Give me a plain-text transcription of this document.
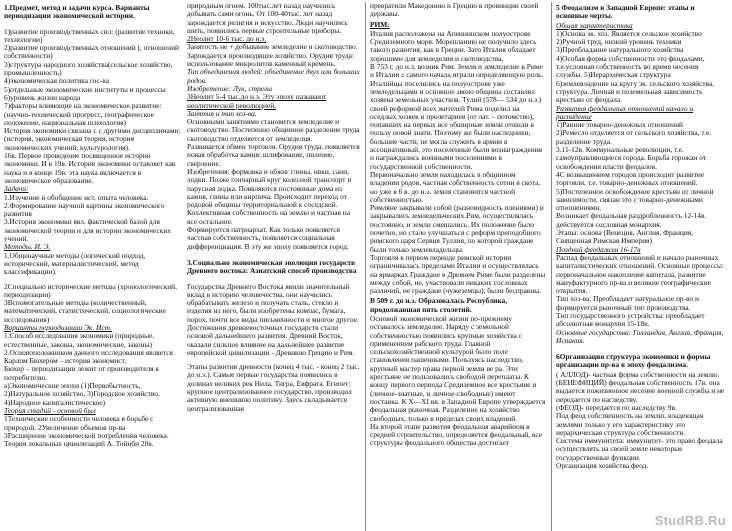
1.Предмет, метод и задачи курса. Варианты периодизации экономической истории.

1)развитие производственных сил: (развитие техники, технологии)

2)развитие производственных отношений (, отношений собственности)

3)структура народного хозяйства(сельское хозяйство, промышленность)

4)экономическая политика гос-ва

5)отдельные экономические институты и процессы

6)уровень жизни народа

7)факторы влияющие на экономическое развитие: (научно-технический прогресс, географическое положение, национальная психология)

История экономики связана с с другими дисциплинами: (история, экономическая теория, история экономических учений, культурология).

16в. Первое проведение посвященное истории экономики. И в 19в. История экономики оставляет как наука и в конце 19в. эта наука включается в экономическое образование.

Задачи:

1.Изучение и обобщение ист. опыта человека.

2.Формирование научной картины экономического развития

3.История экономики явл. фактической базой для экономической теории и для истории экономических учений.

Методы. И. Э.

1.Общенаучные методы (логический подход, исторический, материалистический, метод классификации).

2Специально исторические методы (хронологический, периодизации)

3Вспомогательные методы (количественный, математический, статистический, социологические исследования)

Варианты периодизации Эк. Ист.

1.Способ исследования экономики (природные, естественные, законы, экономические, законы)

2.Основоположником данного исследования является Карлом Бюхером – история экономист.

Бюхер – периодизации лежит от производителя к потребителю.

а)Экономические эпохи (1)Первобытность, 2)Натуральное хозяйство, 3)Городское хозяйство, 4)Народное капиталистическое)

Теория стадий - основой был

1Технические особенности человека в борьбе с природой. 2Увеличение объемов пр-ва

3Расширение экономической потребления человека.

Теория локальных цивилизаций А. Тойнби 20в.

природным огнем. 100тыс.лет назад научились добывать сами огонь. От 100-40тыс. лет назад зарождается религия и искусство. Люди научились шить, появились первые строительные приборы.

2Неолит 10-6 тыс. до н.э.

Занятость не + добывание земледелие и скотоводство. Зарождается производящее хозяйство. Орудия труда: использование микролитов каменный кремень.

Тип объединения людей: объединение двух или больших родов.

Изобретение: Лук, стрелы

3Неолит 5-4 тыс.до н.э. Эту эпоху называют неолитической революцией.

Занятия и тип хоз-ва.

Основными занятиями становится земледелие и скотоводство. Постепенно общинное разделение труда скотоводство отделяется от земледелия.

Развивается обмен торговля. Орудия труда: появляется новая обработка камня: шлифование, пиление, сверление.

Изобретения: формовка и обжиг глины, ивки, сани, лодки. Позже гончарный круг колесной транспорт и парусная лодка. Появляются постоянные дома из камня, глины или кирпича. Происходит переход от родовой общины территориальной к соседской. Коллективная собственность на землю и частная на все остальное.

Формируется патриархат. Как только появляется частная собственность, появляется социальная дифференциация. В эту же эпоху появляется город.

3.Социально экономическая эволюция государств Древнего востока: Азиатский способ производства

Государства Древнего Востока явили значительный вклад в историю человечества, они научились обрабатывать железо и получать сталь, стекло и изделия из него, были изобретены компас, бумага, порох, почти все виды письменности и многое другое. Достижения древневосточных государств стали основой дальнейшего развития. Древний Восток, оказали сильное влияние на дальнейшее развитие европейской цивилизации - Древнюю Грецию и Рим.

Этапы развития древности (конец 4 тыс. - конец 2 тыс. до н.э.). Самые первые государства появились в долинах великих рек Нила, Тигра, Евфрата. Египет: крупное централизованное государство, производил активную внешнюю политику. Здесь складывается централизованная

превратили Македонию и Грецию в провинции своей державы.

РИМ:

Италия расположена на Апеннинском полуострове Средиземного моря. Морепланию не получило здесь такого развития, как в Греции. Зато Италия обладает хорошими для земледелия и скотоводства.

В 753 г. до н.э. возник Рим. Земля и земледелие в Риме и Италии с самого начала играли определяющую роль. Италийцы поселились на полуострове уже земледельцами и основное звено общины составлял хозяева земельных участков. Тулий (578— 534 до н.э.) своей реформой всех жителей Рима поделил на оседлых хозяев и пролетариев (от лат. – потомство), попавших на первых все обширные земли отошли в пользу новой знати. Поэтому же были наследники, большие части, не могла служить в армии в ассоциативный, это поселенные были вознаграждения и награждались военными поселениями в государственной собственности.

Первоначально земля находилась в общинном владении родов, частная собственность сотни в скота, но уже в 6 в. до н.э. земля становится частной собственностью.

Римляне закрывали собой (разновидность плениями) и закрывались земледельческих.Рим, осуществлялась постоянно, и земли смешались. Их положение было почетно, но стало улучшаться с реформ преподобного римского царя Сервия Туллия, по которой граждане были только землевладельцы.

Торговля в первом периоде римской истории ограничивалась пределами Италии и осуществлялась на ярмарках Граждане в Древнем Риме были разделены между собой, не, участвовали никаких сословных различий, не граждане (чужеземцы), были бесправны.

В 509 г. до н.э. Образовалась Республика, продолжавшая пять столетий.

Основой экономической жизни по-прежнему оставалось земледелие. Наряду с земельной собственностью появились крупные хозяйства с применением рабского труда. Главной сельскохозяйственной культурой было поле становления пашенными. Пользуясь наследство, крупный мастер права первой земли ве ра. Эти крестьяне не пользовались свободой переплаты. К концу первого периода Средиземное все крестьяне и (личное-знатные, и личное-свободные) имеют поставка. К Х—ХI вв. в Западной Европе утверждается феодальная рыночная. Разделение на хозяйство свободных, только в пределах своих владений.

На второй этапе развития феодальная аварийном в средней строительство, определяется феодальный, все структуры феодального общества достигает

5 Феодализм в Западной Европе: этапы и основные черты.

Общая характеристика

1)Основа эк. хоз. Является сельское хозяйство

2)Ручной труд, низкий уровень техники

3)Преобладание натурального хозяйства

4)Особая форма собственности это феодалами, т.е.условная собственность во время несения службы. 5)Иерархическая структура

6)землевладение на кругу эк. сельского хозяйства, структура. Личная и поземельная зависимость крестьян от феодала.

Развития феодальных отношений начало и распадение

1)Ранние товарно-денежных отношений

2)Ремесло отделяется от сельского хозяйства, т.е. разделение труда.

3.11-12в. Коммунальные революции, т.е. самоуправляющиеся города. Борьба горожан от освобождения власти феодалов.

4С возвышением городов происходит развитие торговли, т.е. товарно-денежных отношений.

5)Постепенное освобождение крестьян от личной зависимости, связан это с товарно-денежными отношениями.

Возникает феодальная раздробленность 12-14в. действуется сословная монархия.

Этапы: основа (Венеция, Англия, Франция, Священная Римская Империя)

Поздний феодализм 16-17в

Распад феодальных отношений и начало рыночных капиталистических отношений. Основные процессы: первоначальное накопление капитала, развитие мануфактурного пр-ва и великие географические открытия.

Тип хоз-ва: Преобладает натуральное пр-во и формируется рыночный тип производства.

Тип государственного устройства: преобладает абсолютная монархия 15-18в.

Основные государства: Голландия, Англия, Франция, Испания.

6Организация структура экономики и формы организации пр-ва в эпоху феодализма.

( АЛЛОД)- частная форма собственности на землю.

(БЕНЕФИЦИЙ) феодальная собственность 17в. она выдается пожизненное несение военной службы и не передается по наследству.

(ФЕОД)- передается по наследству 9в.

Под феод собственность на землю, владеющая землями только у его характеристику это иерархическая структура собственности.

Система иммунитета: иммунитет- это право феодала осуществлять на своей земле некоторые государственные функции.

Организация хозяйства феод.

StudRB.Ru
